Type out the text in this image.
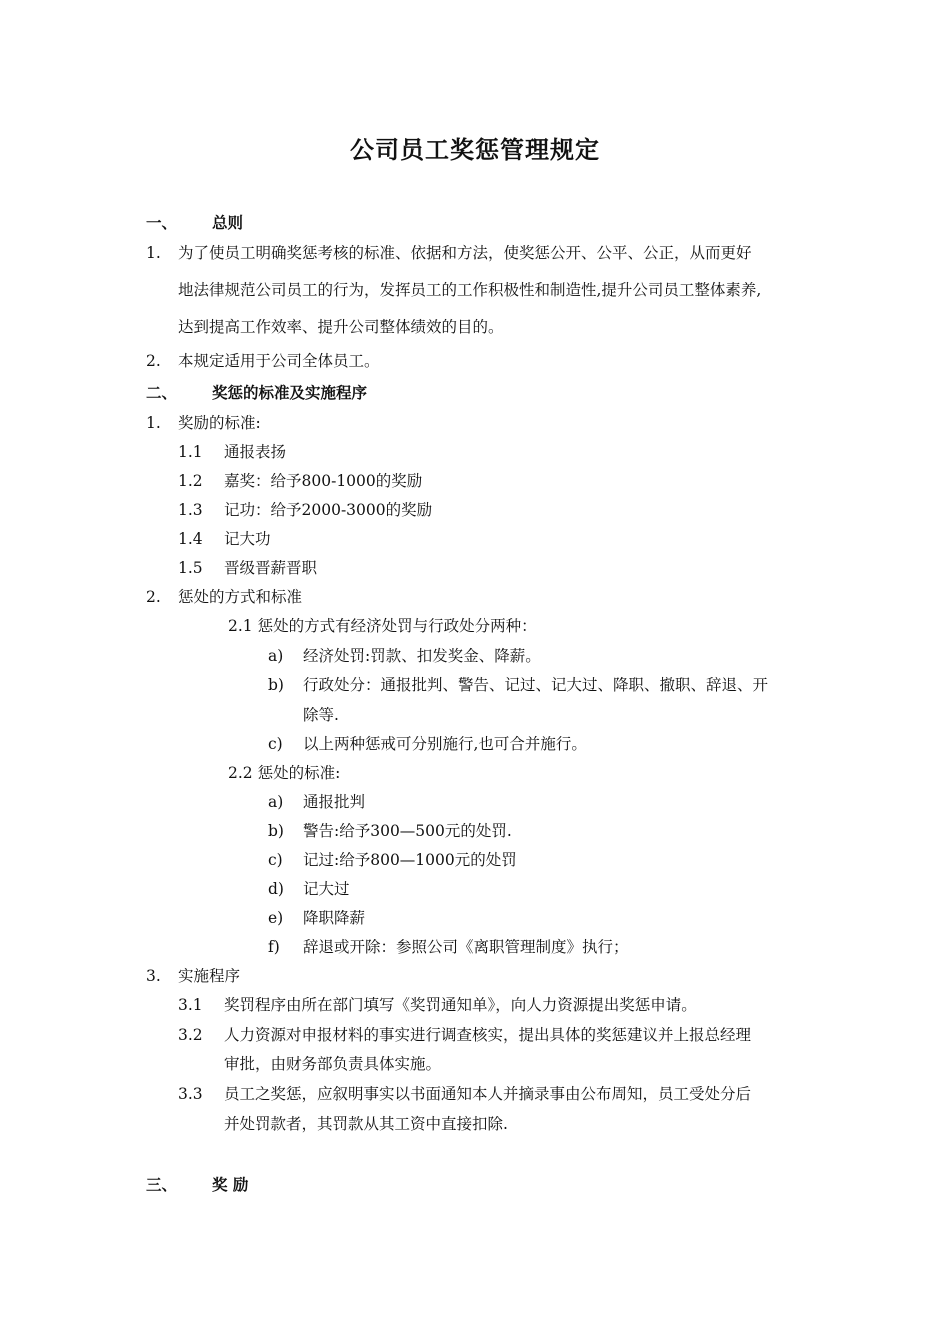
公司员工奖惩管理规定
一、 总则
1. 为了使员工明确奖惩考核的标准、依据和方法，使奖惩公开、公平、公正，从而更好
地法律规范公司员工的行为，发挥员工的工作积极性和制造性,提升公司员工整体素养,
达到提高工作效率、提升公司整体绩效的目的。
2. 本规定适用于公司全体员工。
二、 奖惩的标准及实施程序
1. 奖励的标准:
1.1 通报表扬
1.2 嘉奖：给予800-1000的奖励
1.3 记功：给予2000-3000的奖励
1.4 记大功
1.5 晋级晋薪晋职
2. 惩处的方式和标准
2.1 惩处的方式有经济处罚与行政处分两种：
a) 经济处罚:罚款、扣发奖金、降薪。
b) 行政处分：通报批判、警告、记过、记大过、降职、撤职、辞退、开
除等.
c) 以上两种惩戒可分别施行,也可合并施行。
2.2 惩处的标准:
a) 通报批判
b) 警告:给予300—500元的处罚.
c) 记过:给予800—1000元的处罚
d) 记大过
e) 降职降薪
f) 辞退或开除：参照公司《离职管理制度》执行；
3. 实施程序
3.1 奖罚程序由所在部门填写《奖罚通知单》，向人力资源提出奖惩申请。
3.2 人力资源对申报材料的事实进行调查核实，提出具体的奖惩建议并上报总经理
审批，由财务部负责具体实施。
3.3 员工之奖惩，应叙明事实以书面通知本人并摘录事由公布周知，员工受处分后
并处罚款者，其罚款从其工资中直接扣除.
三、 奖 励
